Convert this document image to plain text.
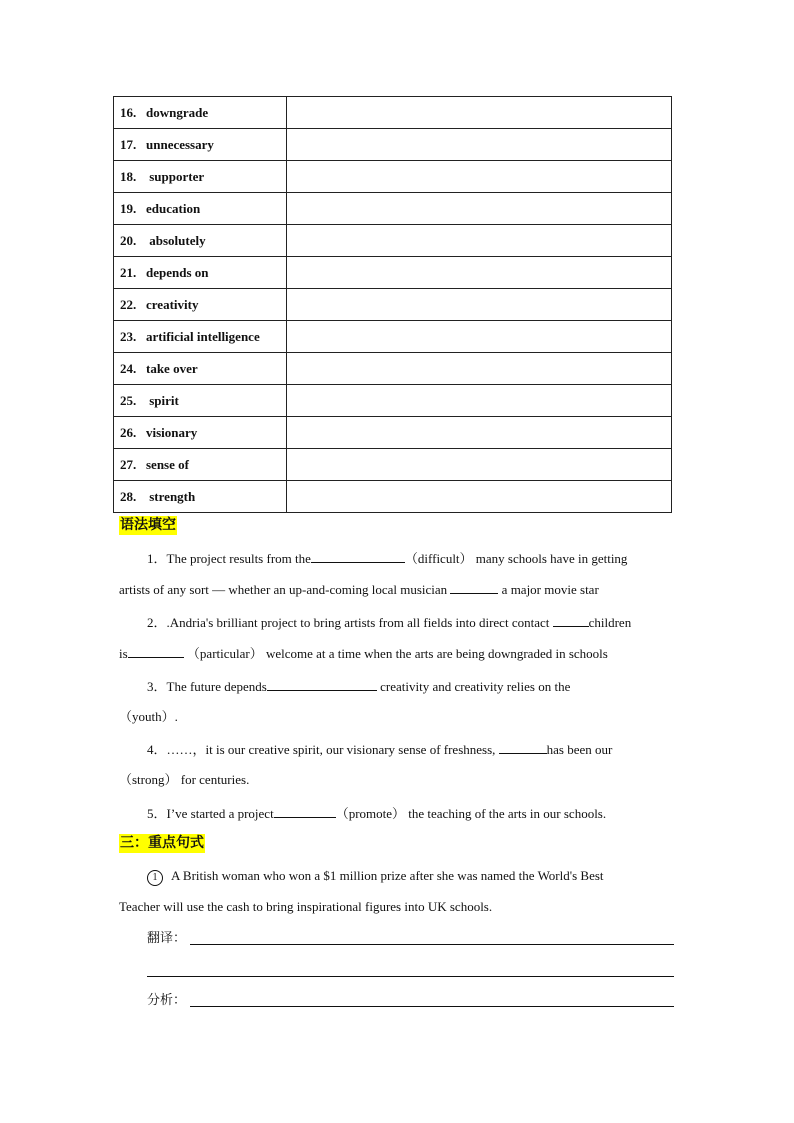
16. downgrade	
17. unnecessary	
18. supporter	
19. education	
20. absolutely	
21. depends on	
22. creativity	
23. artificial intelligence	
24. take over	
25. spirit	
26. visionary	
27. sense of	
28. strength	
语法填空
1．The project results from the	（difficult） many schools have in getting
artists of any sort — whether an up-and-coming local musician	a major movie star
2．.Andria's brilliant project to bring artists from all fields into direct contact	children
is	（particular） welcome at a time when the arts are being downgraded in schools
3．The future depends	creativity and creativity relies on the
（youth）.
4．……，it is our creative spirit, our visionary sense of freshness,	has been our
（strong） for centuries.
5．I’ve started a project	（promote） the teaching of the arts in our schools.
三：重点句式
1 A British woman who won a $1 million prize after she was named the World's Best
Teacher will use the cash to bring inspirational figures into UK schools.
翻译：
分析：
